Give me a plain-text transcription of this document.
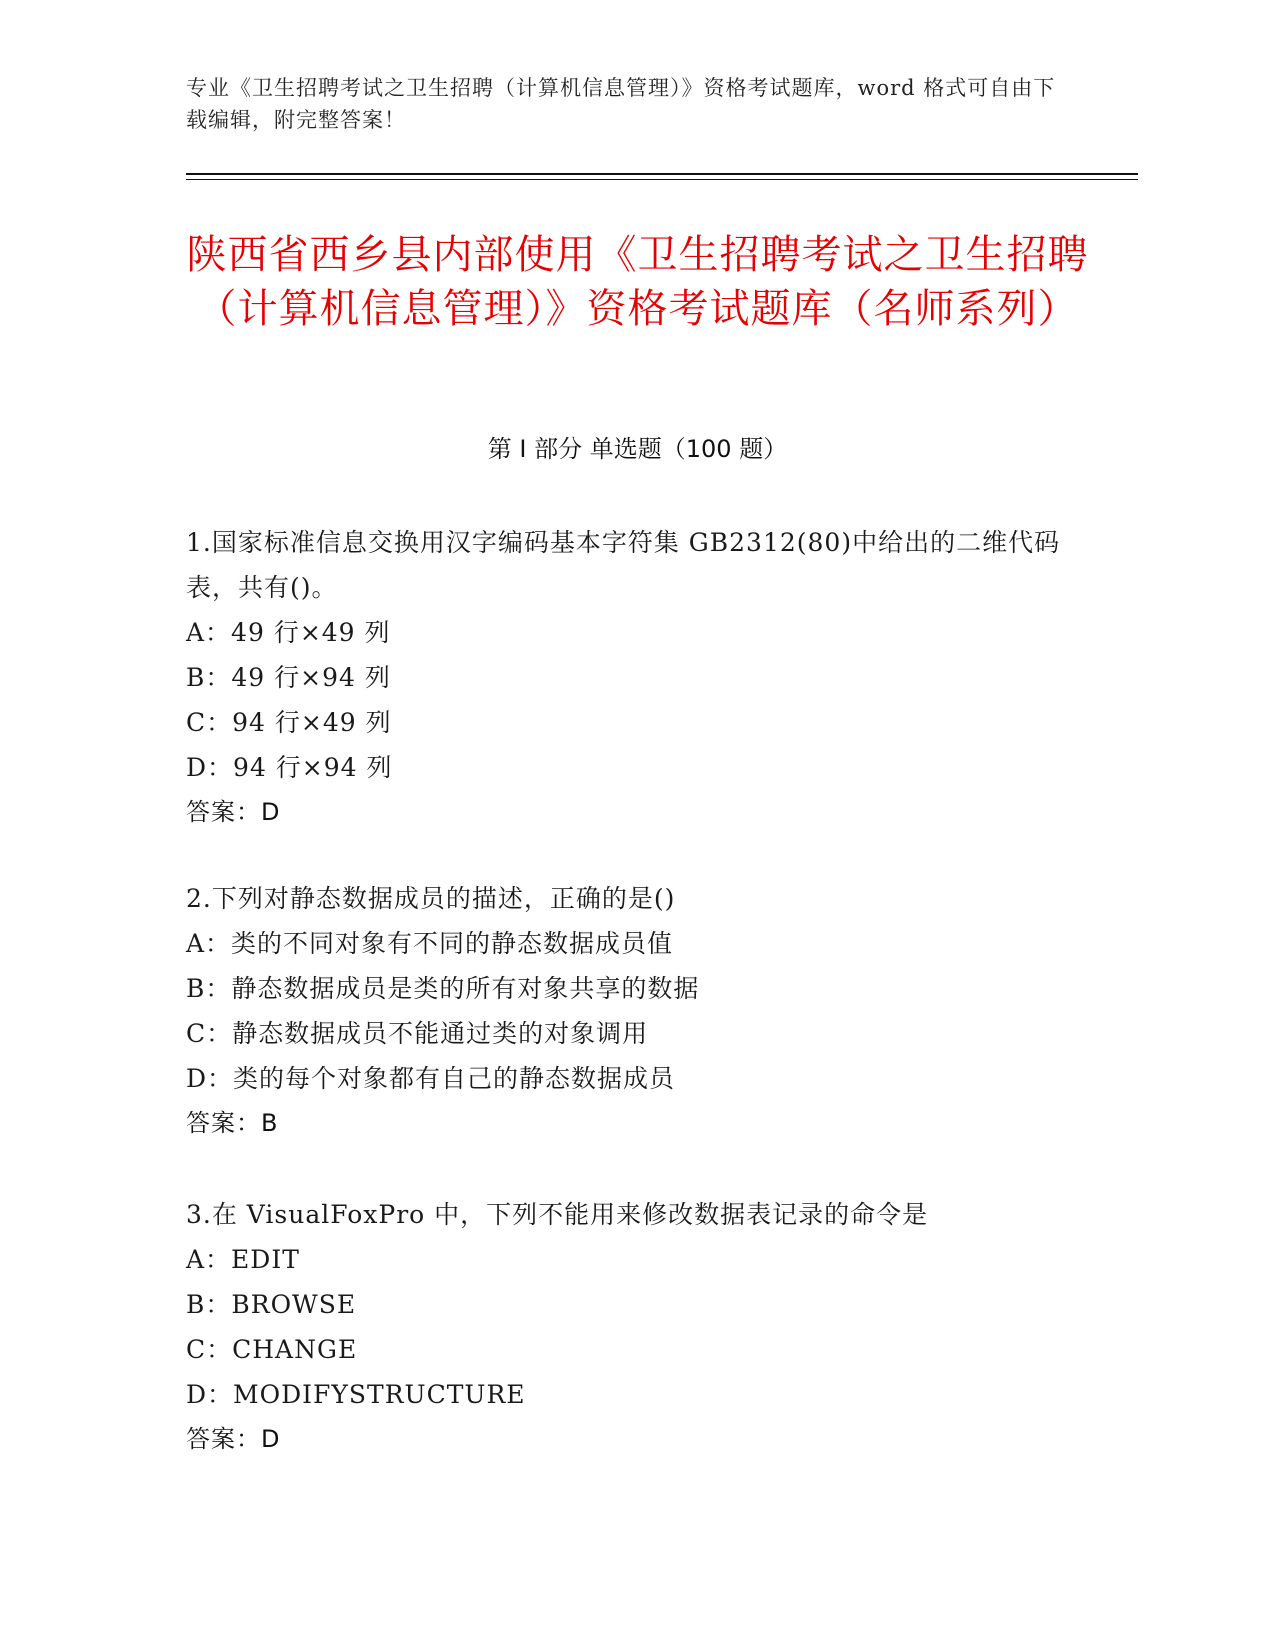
专业《卫生招聘考试之卫生招聘（计算机信息管理）》资格考试题库，word 格式可自由下载编辑，附完整答案！
陕西省西乡县内部使用《卫生招聘考试之卫生招聘（计算机信息管理）》资格考试题库（名师系列）
第 I 部分 单选题（100 题）
1.国家标准信息交换用汉字编码基本字符集 GB2312(80)中给出的二维代码表，共有()。
A：49 行×49 列
B：49 行×94 列
C：94 行×49 列
D：94 行×94 列
答案：D
2.下列对静态数据成员的描述，正确的是()
A：类的不同对象有不同的静态数据成员值
B：静态数据成员是类的所有对象共享的数据
C：静态数据成员不能通过类的对象调用
D：类的每个对象都有自己的静态数据成员
答案：B
3.在 VisualFoxPro 中，下列不能用来修改数据表记录的命令是
A：EDIT
B：BROWSE
C：CHANGE
D：MODIFYSTRUCTURE
答案：D
